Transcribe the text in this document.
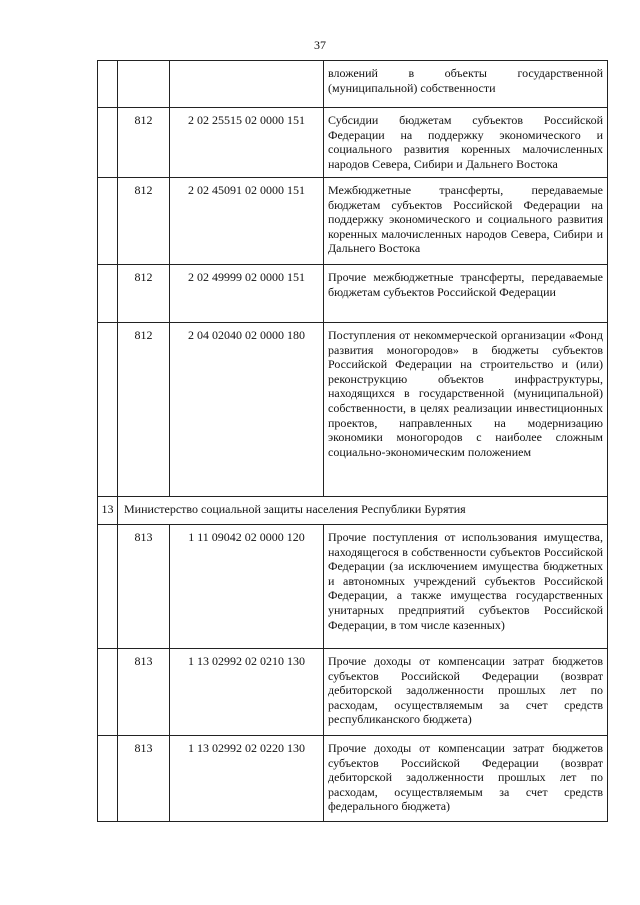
37
			вложений в объекты государственной (муниципальной) собственности
	812	2 02 25515 02 0000 151	Субсидии бюджетам субъектов Российской Федерации на поддержку экономического и социального развития коренных малочисленных народов Севера, Сибири и Дальнего Востока
	812	2 02 45091 02 0000 151	Межбюджетные трансферты, передаваемые бюджетам субъектов Российской Федерации на поддержку экономического и социального развития коренных малочисленных народов Севера, Сибири и Дальнего Востока
	812	2 02 49999 02 0000 151	Прочие межбюджетные трансферты, передаваемые бюджетам субъектов Российской Федерации
	812	2 04 02040 02 0000 180	Поступления от некоммерческой организации «Фонд развития моногородов» в бюджеты субъектов Российской Федерации на строительство и (или) реконструкцию объектов инфраструктуры, находящихся в государственной (муниципальной) собственности, в целях реализации инвестиционных проектов, направленных на модернизацию экономики моногородов с наиболее сложным социально-экономическим положением
13	Министерство социальной защиты населения Республики Бурятия		
	813	1 11 09042 02 0000 120	Прочие поступления от использования имущества, находящегося в собственности субъектов Российской Федерации (за исключением имущества бюджетных и автономных учреждений субъектов Российской Федерации, а также имущества государственных унитарных предприятий субъектов Российской Федерации, в том числе казенных)
	813	1 13 02992 02 0210 130	Прочие доходы от компенсации затрат бюджетов субъектов Российской Федерации (возврат дебиторской задолженности прошлых лет по расходам, осуществляемым за счет средств республиканского бюджета)
	813	1 13 02992 02 0220 130	Прочие доходы от компенсации затрат бюджетов субъектов Российской Федерации (возврат дебиторской задолженности прошлых лет по расходам, осуществляемым за счет средств федерального бюджета)
